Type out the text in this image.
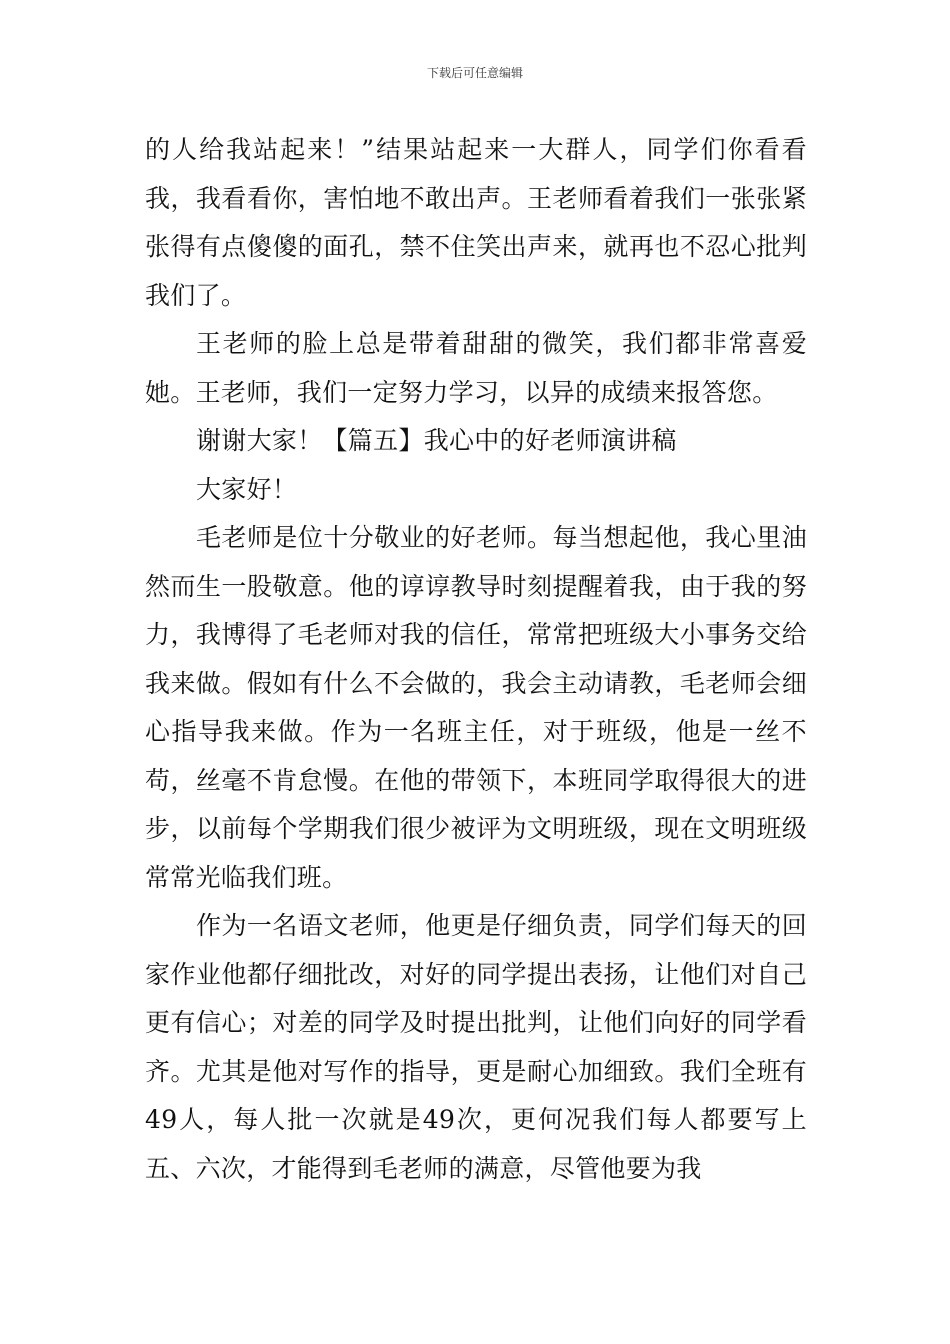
下载后可任意编辑

的人给我站起来！”结果站起来一大群人，同学们你看看我，我看看你，害怕地不敢出声。王老师看着我们一张张紧张得有点傻傻的面孔，禁不住笑出声来，就再也不忍心批判我们了。

王老师的脸上总是带着甜甜的微笑，我们都非常喜爱她。王老师，我们一定努力学习，以异的成绩来报答您。

谢谢大家！【篇五】我心中的好老师演讲稿

大家好！

毛老师是位十分敬业的好老师。每当想起他，我心里油然而生一股敬意。他的谆谆教导时刻提醒着我，由于我的努力，我博得了毛老师对我的信任，常常把班级大小事务交给我来做。假如有什么不会做的，我会主动请教，毛老师会细心指导我来做。作为一名班主任，对于班级，他是一丝不苟，丝毫不肯怠慢。在他的带领下，本班同学取得很大的进步，以前每个学期我们很少被评为文明班级，现在文明班级常常光临我们班。

作为一名语文老师，他更是仔细负责，同学们每天的回家作业他都仔细批改，对好的同学提出表扬，让他们对自己更有信心；对差的同学及时提出批判，让他们向好的同学看齐。尤其是他对写作的指导，更是耐心加细致。我们全班有49人，每人批一次就是49次，更何况我们每人都要写上五、六次，才能得到毛老师的满意，尽管他要为我
